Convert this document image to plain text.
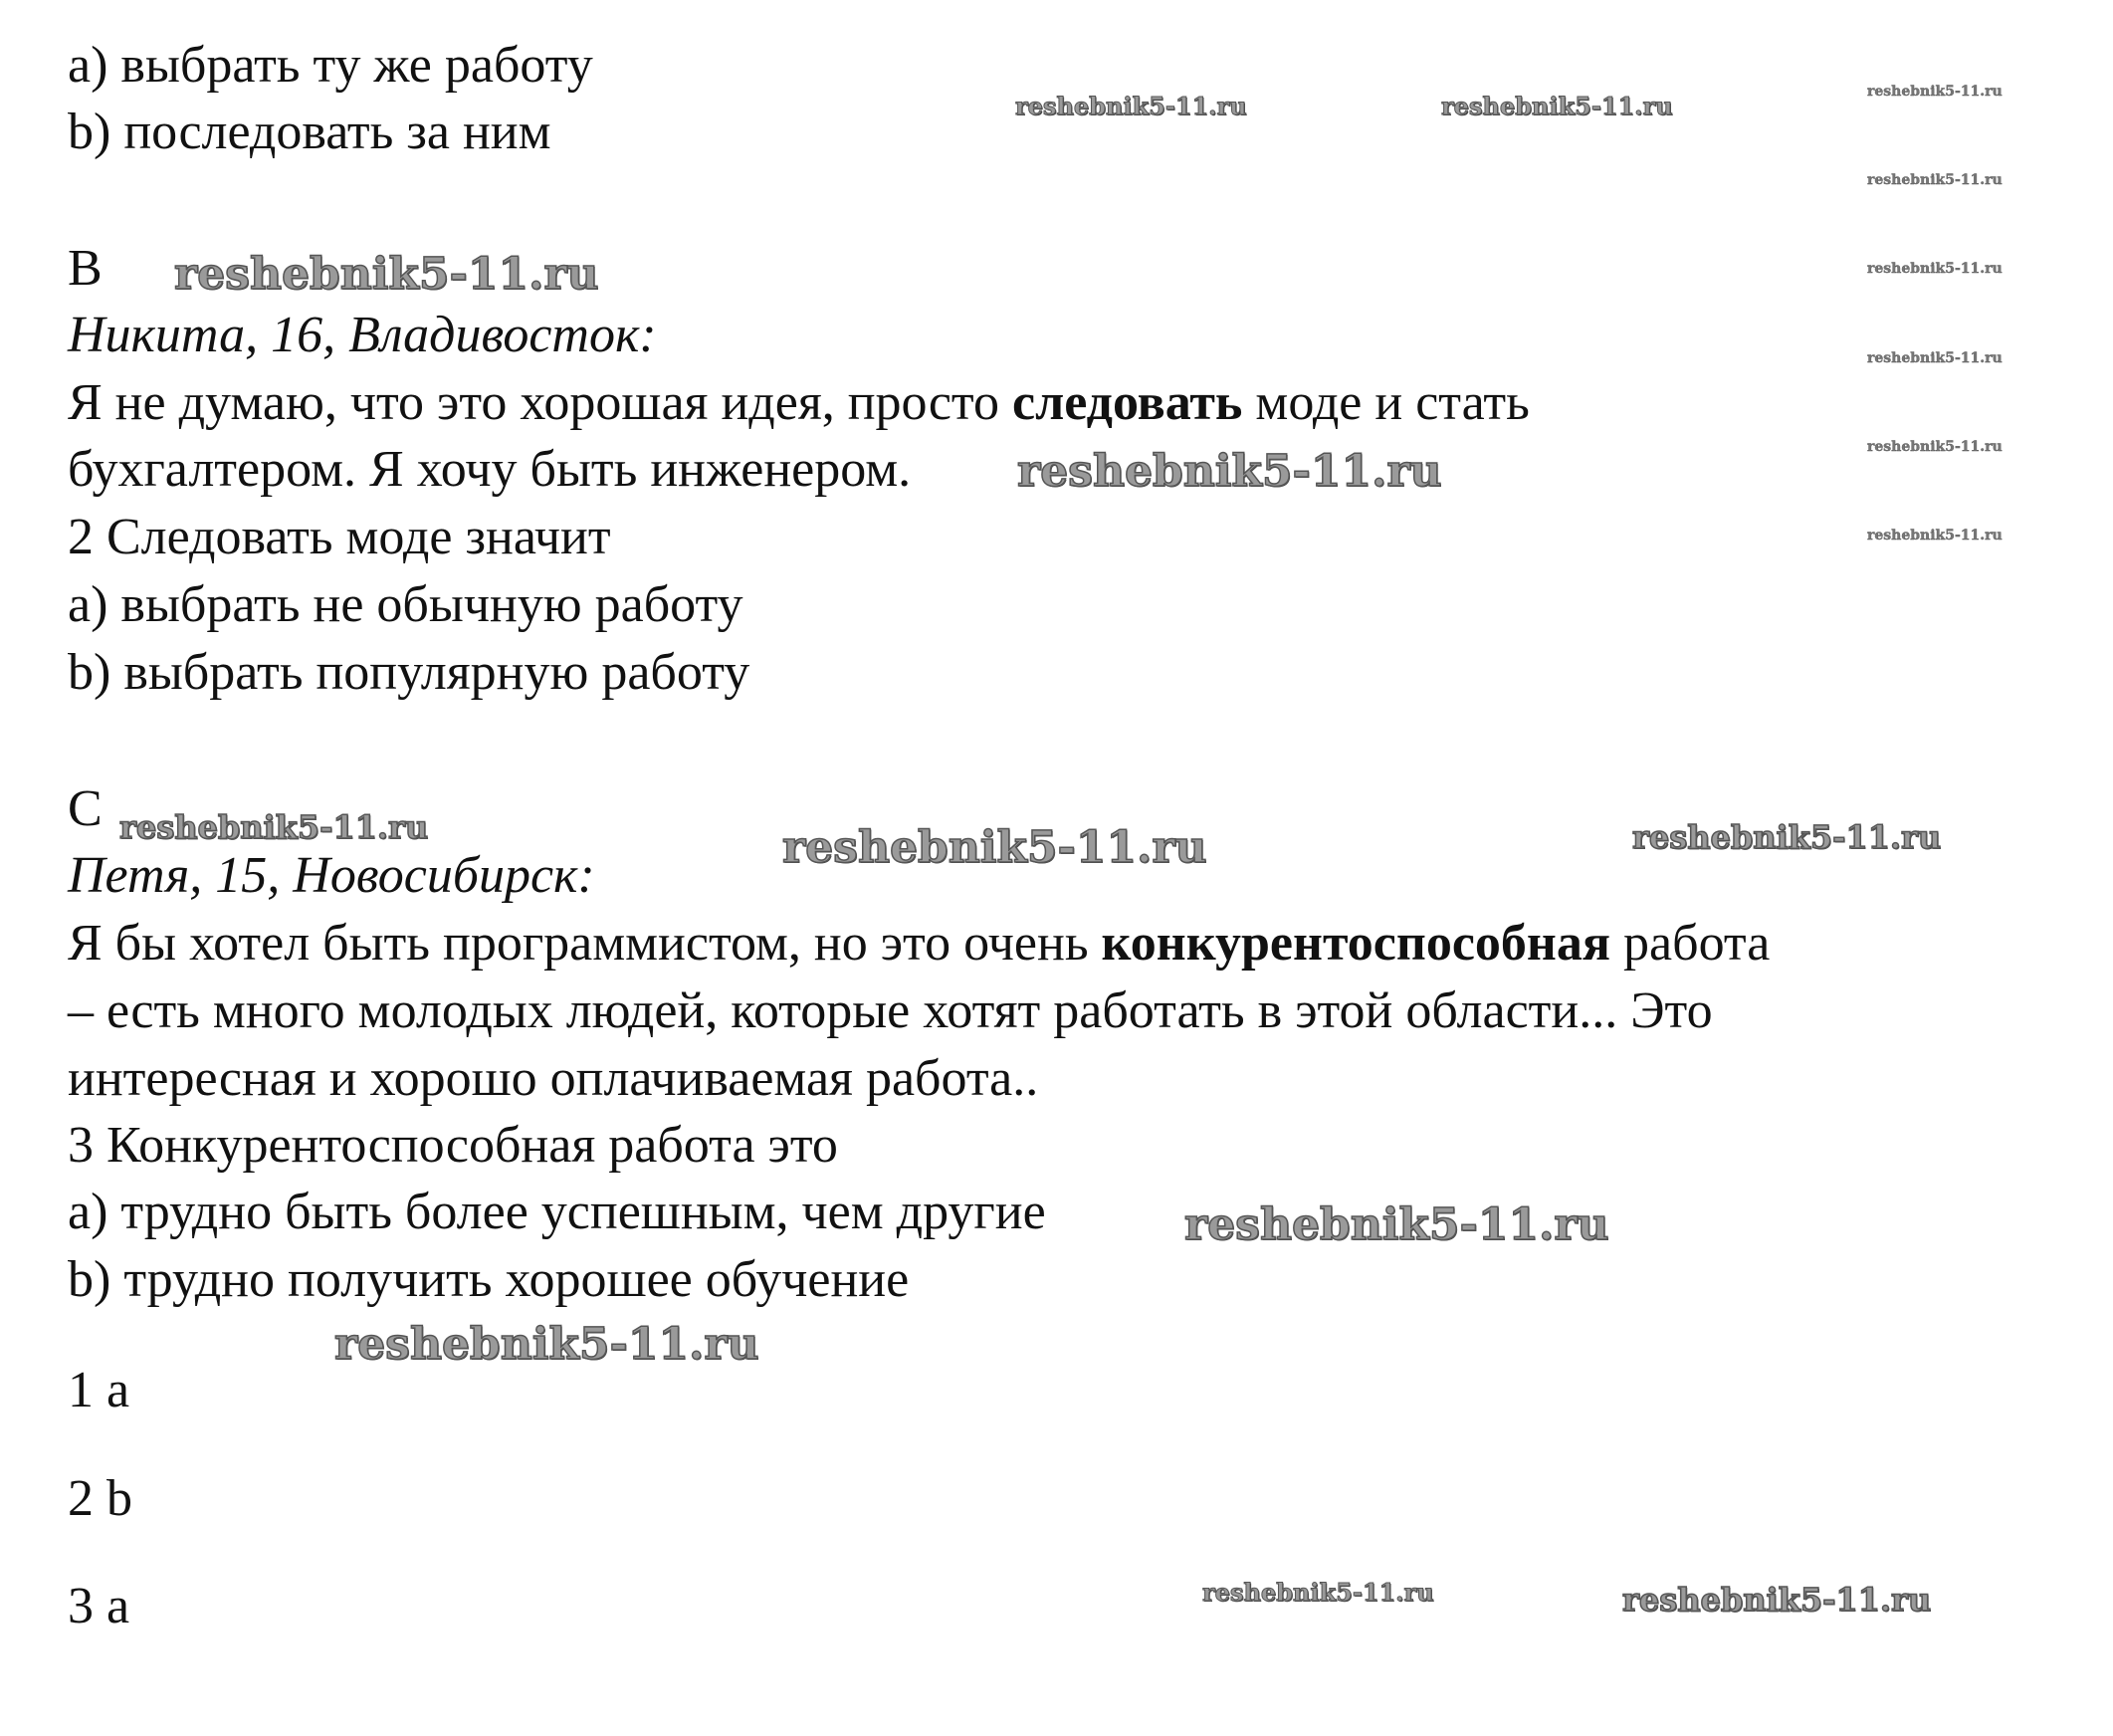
a) выбрать ту же работу
b) последовать за ним
B
Никита, 16, Владивосток:
Я не думаю, что это хорошая идея, просто следовать моде и стать
бухгалтером. Я хочу быть инженером.
2 Следовать моде значит
a) выбрать не обычную работу
b) выбрать популярную работу
C
Петя, 15, Новосибирск:
Я бы хотел быть программистом, но это очень конкурентоспособная работа
– есть много молодых людей, которые хотят работать в этой области... Это
интересная и хорошо оплачиваемая работа..
3 Конкурентоспособная работа это
a) трудно быть более успешным, чем другие
b) трудно получить хорошее обучение
1 a
2 b
3 a
reshebnik5-11.ru	reshebnik5-11.ru	reshebnik5-11.ru
reshebnik5-11.ru
reshebnik5-11.ru
reshebnik5-11.ru
reshebnik5-11.ru
reshebnik5-11.ru
reshebnik5-11.ru
reshebnik5-11.ru
reshebnik5-11.ru	reshebnik5-11.ru	reshebnik5-11.ru
reshebnik5-11.ru
reshebnik5-11.ru
reshebnik5-11.ru	reshebnik5-11.ru
